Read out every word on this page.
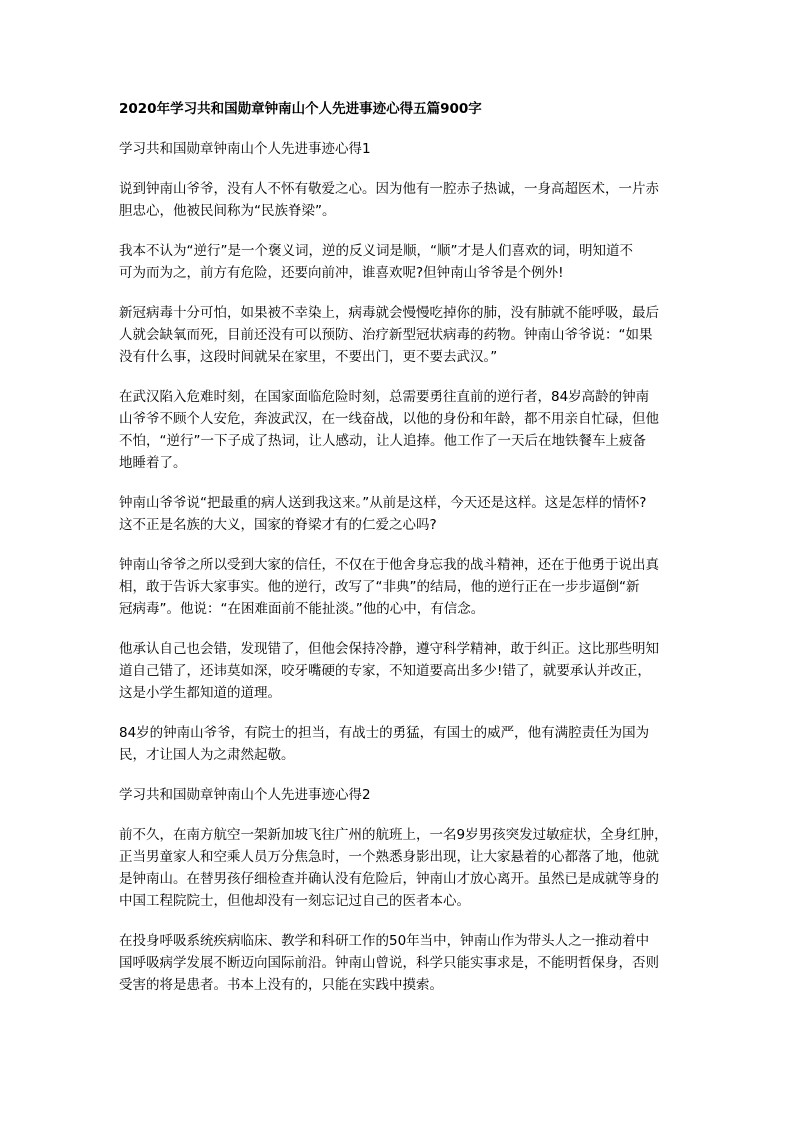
2020年学习共和国勋章钟南山个人先进事迹心得五篇900字
学习共和国勋章钟南山个人先进事迹心得1

说到钟南山爷爷，没有人不怀有敬爱之心。因为他有一腔赤子热诚，一身高超医术，一片赤

胆忠心，他被民间称为“民族脊梁”。

我本不认为“逆行”是一个褒义词，逆的反义词是顺，“顺”才是人们喜欢的词，明知道不

可为而为之，前方有危险，还要向前冲，谁喜欢呢?但钟南山爷爷是个例外!

新冠病毒十分可怕，如果被不幸染上，病毒就会慢慢吃掉你的肺，没有肺就不能呼吸，最后

人就会缺氧而死，目前还没有可以预防、治疗新型冠状病毒的药物。钟南山爷爷说：“如果

没有什么事，这段时间就呆在家里，不要出门，更不要去武汉。”

在武汉陷入危难时刻，在国家面临危险时刻，总需要勇往直前的逆行者，84岁高龄的钟南

山爷爷不顾个人安危，奔波武汉，在一线奋战，以他的身份和年龄，都不用亲自忙碌，但他

不怕，“逆行”一下子成了热词，让人感动，让人追捧。他工作了一天后在地铁餐车上疲备

地睡着了。

钟南山爷爷说“把最重的病人送到我这来。”从前是这样，今天还是这样。这是怎样的情怀?

这不正是名族的大义，国家的脊梁才有的仁爱之心吗?

钟南山爷爷之所以受到大家的信任，不仅在于他舍身忘我的战斗精神，还在于他勇于说出真

相，敢于告诉大家事实。他的逆行，改写了“非典”的结局，他的逆行正在一步步逼倒“新

冠病毒”。他说：“在困难面前不能扯淡。”他的心中，有信念。

他承认自己也会错，发现错了，但他会保持冷静，遵守科学精神，敢于纠正。这比那些明知

道自己错了，还讳莫如深，咬牙嘴硬的专家，不知道要高出多少!错了，就要承认并改正，

这是小学生都知道的道理。

84岁的钟南山爷爷，有院士的担当，有战士的勇猛，有国士的威严，他有满腔责任为国为

民，才让国人为之肃然起敬。

学习共和国勋章钟南山个人先进事迹心得2

前不久，在南方航空一架新加坡飞往广州的航班上，一名9岁男孩突发过敏症状，全身红肿，

正当男童家人和空乘人员万分焦急时，一个熟悉身影出现，让大家悬着的心都落了地，他就

是钟南山。在替男孩仔细检查并确认没有危险后，钟南山才放心离开。虽然已是成就等身的

中国工程院院士，但他却没有一刻忘记过自己的医者本心。

在投身呼吸系统疾病临床、教学和科研工作的50年当中，钟南山作为带头人之一推动着中

国呼吸病学发展不断迈向国际前沿。钟南山曾说，科学只能实事求是，不能明哲保身，否则

受害的将是患者。书本上没有的，只能在实践中摸索。
